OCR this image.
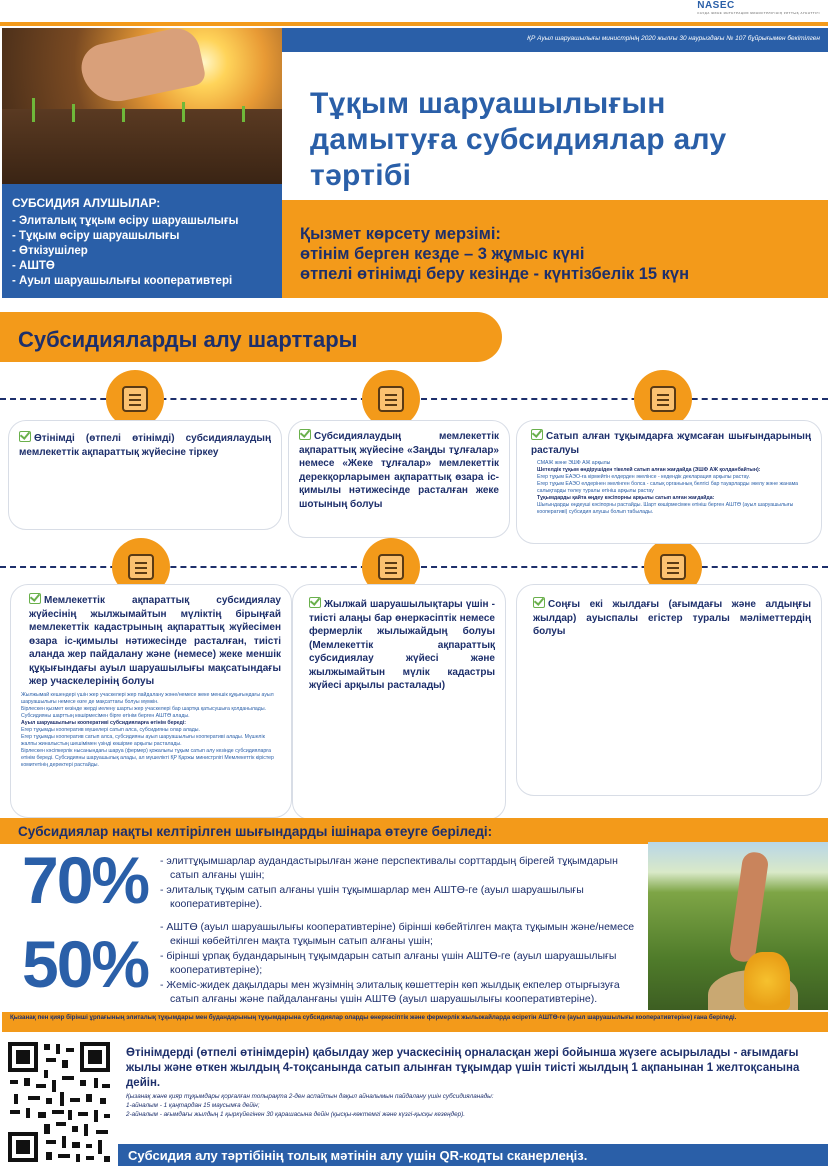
NASEC
САУДА ЖӘНЕ ИНТЕГРАЦИЯ МИНИСТРЛІГІНІҢ ҰЛТТЫҚ АГЕНТТІГІ
ҚР Ауыл шаруашылығы министрінің 2020 жылғы 30 наурыздағы № 107 бұйрығымен бекітілген
Тұқым шаруашылығын дамытуға субсидиялар алу тәртібі
СУБСИДИЯ АЛУШЫЛАР:
- Элиталық тұқым өсіру шаруашылығы
- Тұқым өсіру шаруашылығы
- Өткізушілер
- АШТӨ
- Ауыл шаруашылығы кооперативтері

Қызмет көрсету мерзімі:

өтінім берген кезде – 3 жұмыс күні

өтпелі өтінімді беру кезінде - күнтізбелік 15 күн

Субсидияларды алу шарттары
Өтінімді (өтпелі өтінімді) субсидиялаудың мемлекеттік ақпараттық жүйесіне тіркеу
Субсидиялаудың мемлекеттік ақпараттық жүйесіне «Заңды тұлғалар» немесе «Жеке тұлғалар» мемлекеттік дерекқорларымен ақпараттық өзара іс-қимылы нәтижесінде расталған жеке шотының болуы
Сатып алған тұқымдарға жұмсаған шығындарының расталуы
СМАЖ және ЭШФ АЖ арқылы
Шетелдік тұқым өндірушіден тікелей сатып алған жағдайда (ЭШФ АЖ қолданбайтын):
Егер тұқым ЕАЭО-ға кірмейтін елдерден әкелінсе - кедендік декларация арқылы растау.
Егер тұқым ЕАЭО елдерінен әкелінген болса - салық органының белгісі бар тауарларды әкелу және жанама салықтарды төлеу туралы өтініш арқылы растау
Тұқымдарды қайта өңдеу кәсіпорны арқылы сатып алған жағдайда:
Шығындарды өңдеуші кәсіпорны растайды. Шарт көшірмесімен өтініш берген АШТӨ (ауыл шаруашылығы кооперативі) субсидия алушы болып табылады.
Мемлекеттік ақпараттық субсидиялау жүйесінің жылжымайтын мүліктің бірыңғай мемлекеттік кадастрының ақпараттық жүйесімен өзара іс-қимылы нәтижесінде расталған, тиісті аланда жер пайдалану және (немесе) жеке меншік құқығындағы ауыл шаруашылығы мақсатындағы жер учаскелерінің болуы
Жылжымай кешендері үшін жер учаскелері жер пайдалану және/немесе жеке меншік құқығындағы ауыл шаруашылығы немесе өзге де мақсаттағы болуы мүмкін.
Бірлескен қызмет кезінде жерді иелену шарты жер учаскелері бар шартқа қатысушыға қолданылады. Субсидияны шарттың көшірмесімен бірге өтінім берген АШТӨ алады.
Ауыл шаруашылығы кооперативі субсидияларға өтінім береді:
Егер тұқымды кооператив мүшелері сатып алса, субсидияны олар алады.
Егер тұқымды кооператив сатып алса, субсидияны ауыл шаруашылығы кооперативі алады. Мүшелік жалпы жиналыстың шешімімен үзінді көшірме арқылы расталады.
Бірлескен кәсіпкерлік нысанындағы шаруа (фермер) қожалығы тұқым сатып алу кезінде субсидияларға өтінім береді. Субсидияны шаруашылық алады, ал мүшелікті ҚР Қаржы министрлігі Мемлекеттік кірістер комитетінің деректері растайды.
Жылжай шаруашылықтары үшін - тиісті алаңы бар өнеркәсіптік немесе фермерлік жылыжайдың болуы (Мемлекеттік ақпараттық субсидиялау жүйесі және жылжымайтын мүлік кадастры жүйесі арқылы расталады)
Соңғы екі жылдағы (ағымдағы және алдыңғы жылдар) ауыспалы егістер туралы мәліметтердің болуы
Субсидиялар нақты келтірілген шығындарды ішінара өтеуге беріледі:
70%	- элиттұқымшарлар аудандастырылған және перспективалы сорттардың бірегей тұқымдарын сатып алғаны үшін;
- элиталық тұқым сатып алғаны үшін тұқымшарлар мен АШТӨ-ге (ауыл шаруашылығы кооперативтеріне).
50%	- АШТӨ (ауыл шаруашылығы кооперативтеріне) бірінші көбейтілген мақта тұқымын және/немесе екінші көбейтілген мақта тұқымын сатып алғаны үшін;
- бірінші ұрпақ будандарының тұқымдарын сатып алғаны үшін АШТӨ-ге (ауыл шаруашылығы кооперативтеріне);
- Жеміс-жидек дақылдары мен жүзімнің элиталық көшеттерін көп жылдық екпелер отырғызуға сатып алғаны және пайдаланғаны үшін АШТӨ (ауыл шаруашылығы кооперативтеріне).

Қызанақ пен қияр бірінші ұрпағының элиталық тұқымдары мен будандарының тұқымдарына субсидиялар оларды өнеркәсіптік және фермерлік жылыжайларда өсіретін АШТӨ-ге (ауыл шаруашылығы кооперативтеріне) ғана беріледі.

Өтінімдерді (өтпелі өтінімдерін) қабылдау жер учаскесінің орналасқан жері бойынша жүзеге асырылады - ағымдағы жылы және өткен жылдың 4-тоқсанында сатып алынған тұқымдар үшін тиісті жылдың 1 ақпанынан 1 желтоқсанына дейін.

Қызанақ және қияр тұқымдары қорғалған топырақта 2-ден аспайтын дақыл айналымын пайдалану үшін субсидияланады:

1-айналым - 1 қаңтардан 15 маусымға дейін;

2-айналым - ағымдағы жылдың 1 қыркүйегінен 30 қарашасына дейін (қысқы-көктемгі және күзгі-қысқы кезеңдер).

Субсидия алу тәртібінің толық мәтінін алу үшін QR-кодты сканерлеңіз.
